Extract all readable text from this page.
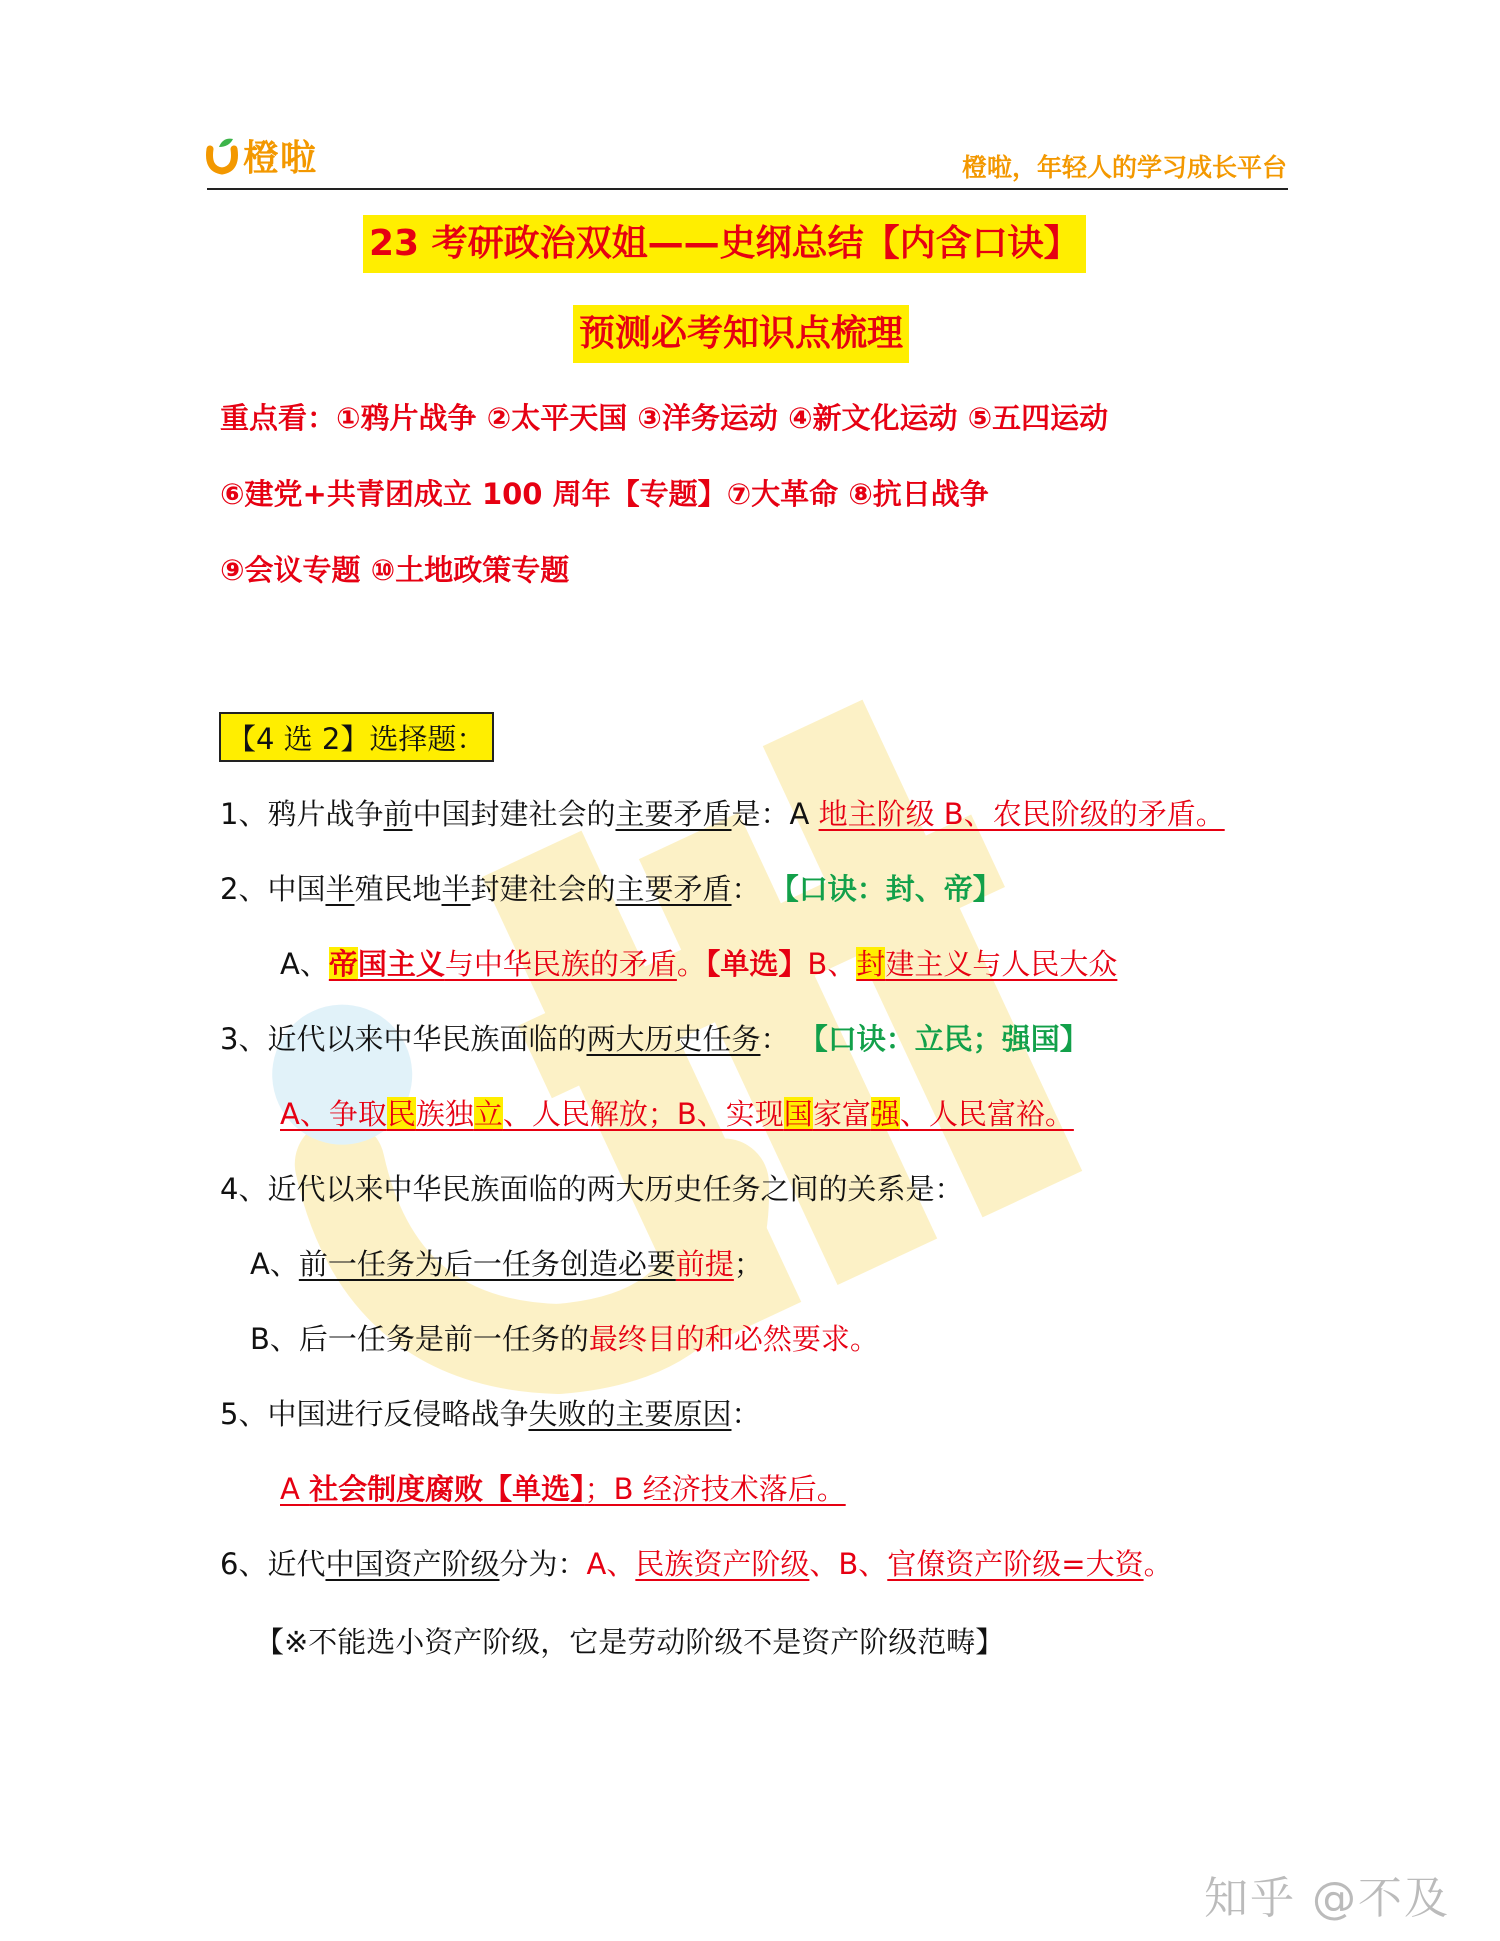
橙啦	橙啦，年轻人的学习成长平台
23 考研政治双姐——史纲总结【内含口诀】
预测必考知识点梳理
重点看：①鸦片战争 ②太平天国 ③洋务运动 ④新文化运动 ⑤五四运动
⑥建党+共青团成立 100 周年【专题】⑦大革命 ⑧抗日战争
⑨会议专题 ⑩土地政策专题
【4 选 2】选择题：
1、鸦片战争前中国封建社会的主要矛盾是：A 地主阶级 B、农民阶级的矛盾。
2、中国半殖民地半封建社会的主要矛盾： 【口诀：封、帝】
A、帝国主义与中华民族的矛盾。【单选】B、封建主义与人民大众
3、近代以来中华民族面临的两大历史任务： 【口诀：立民；强国】
A、争取民族独立、人民解放；B、实现国家富强、人民富裕。
4、近代以来中华民族面临的两大历史任务之间的关系是：
A、前一任务为后一任务创造必要前提；
B、后一任务是前一任务的最终目的和必然要求。
5、中国进行反侵略战争失败的主要原因：
A 社会制度腐败【单选】；B 经济技术落后。
6、近代中国资产阶级分为：A、民族资产阶级、B、官僚资产阶级=大资。
【※不能选小资产阶级，它是劳动阶级不是资产阶级范畴】
知乎 @不及
